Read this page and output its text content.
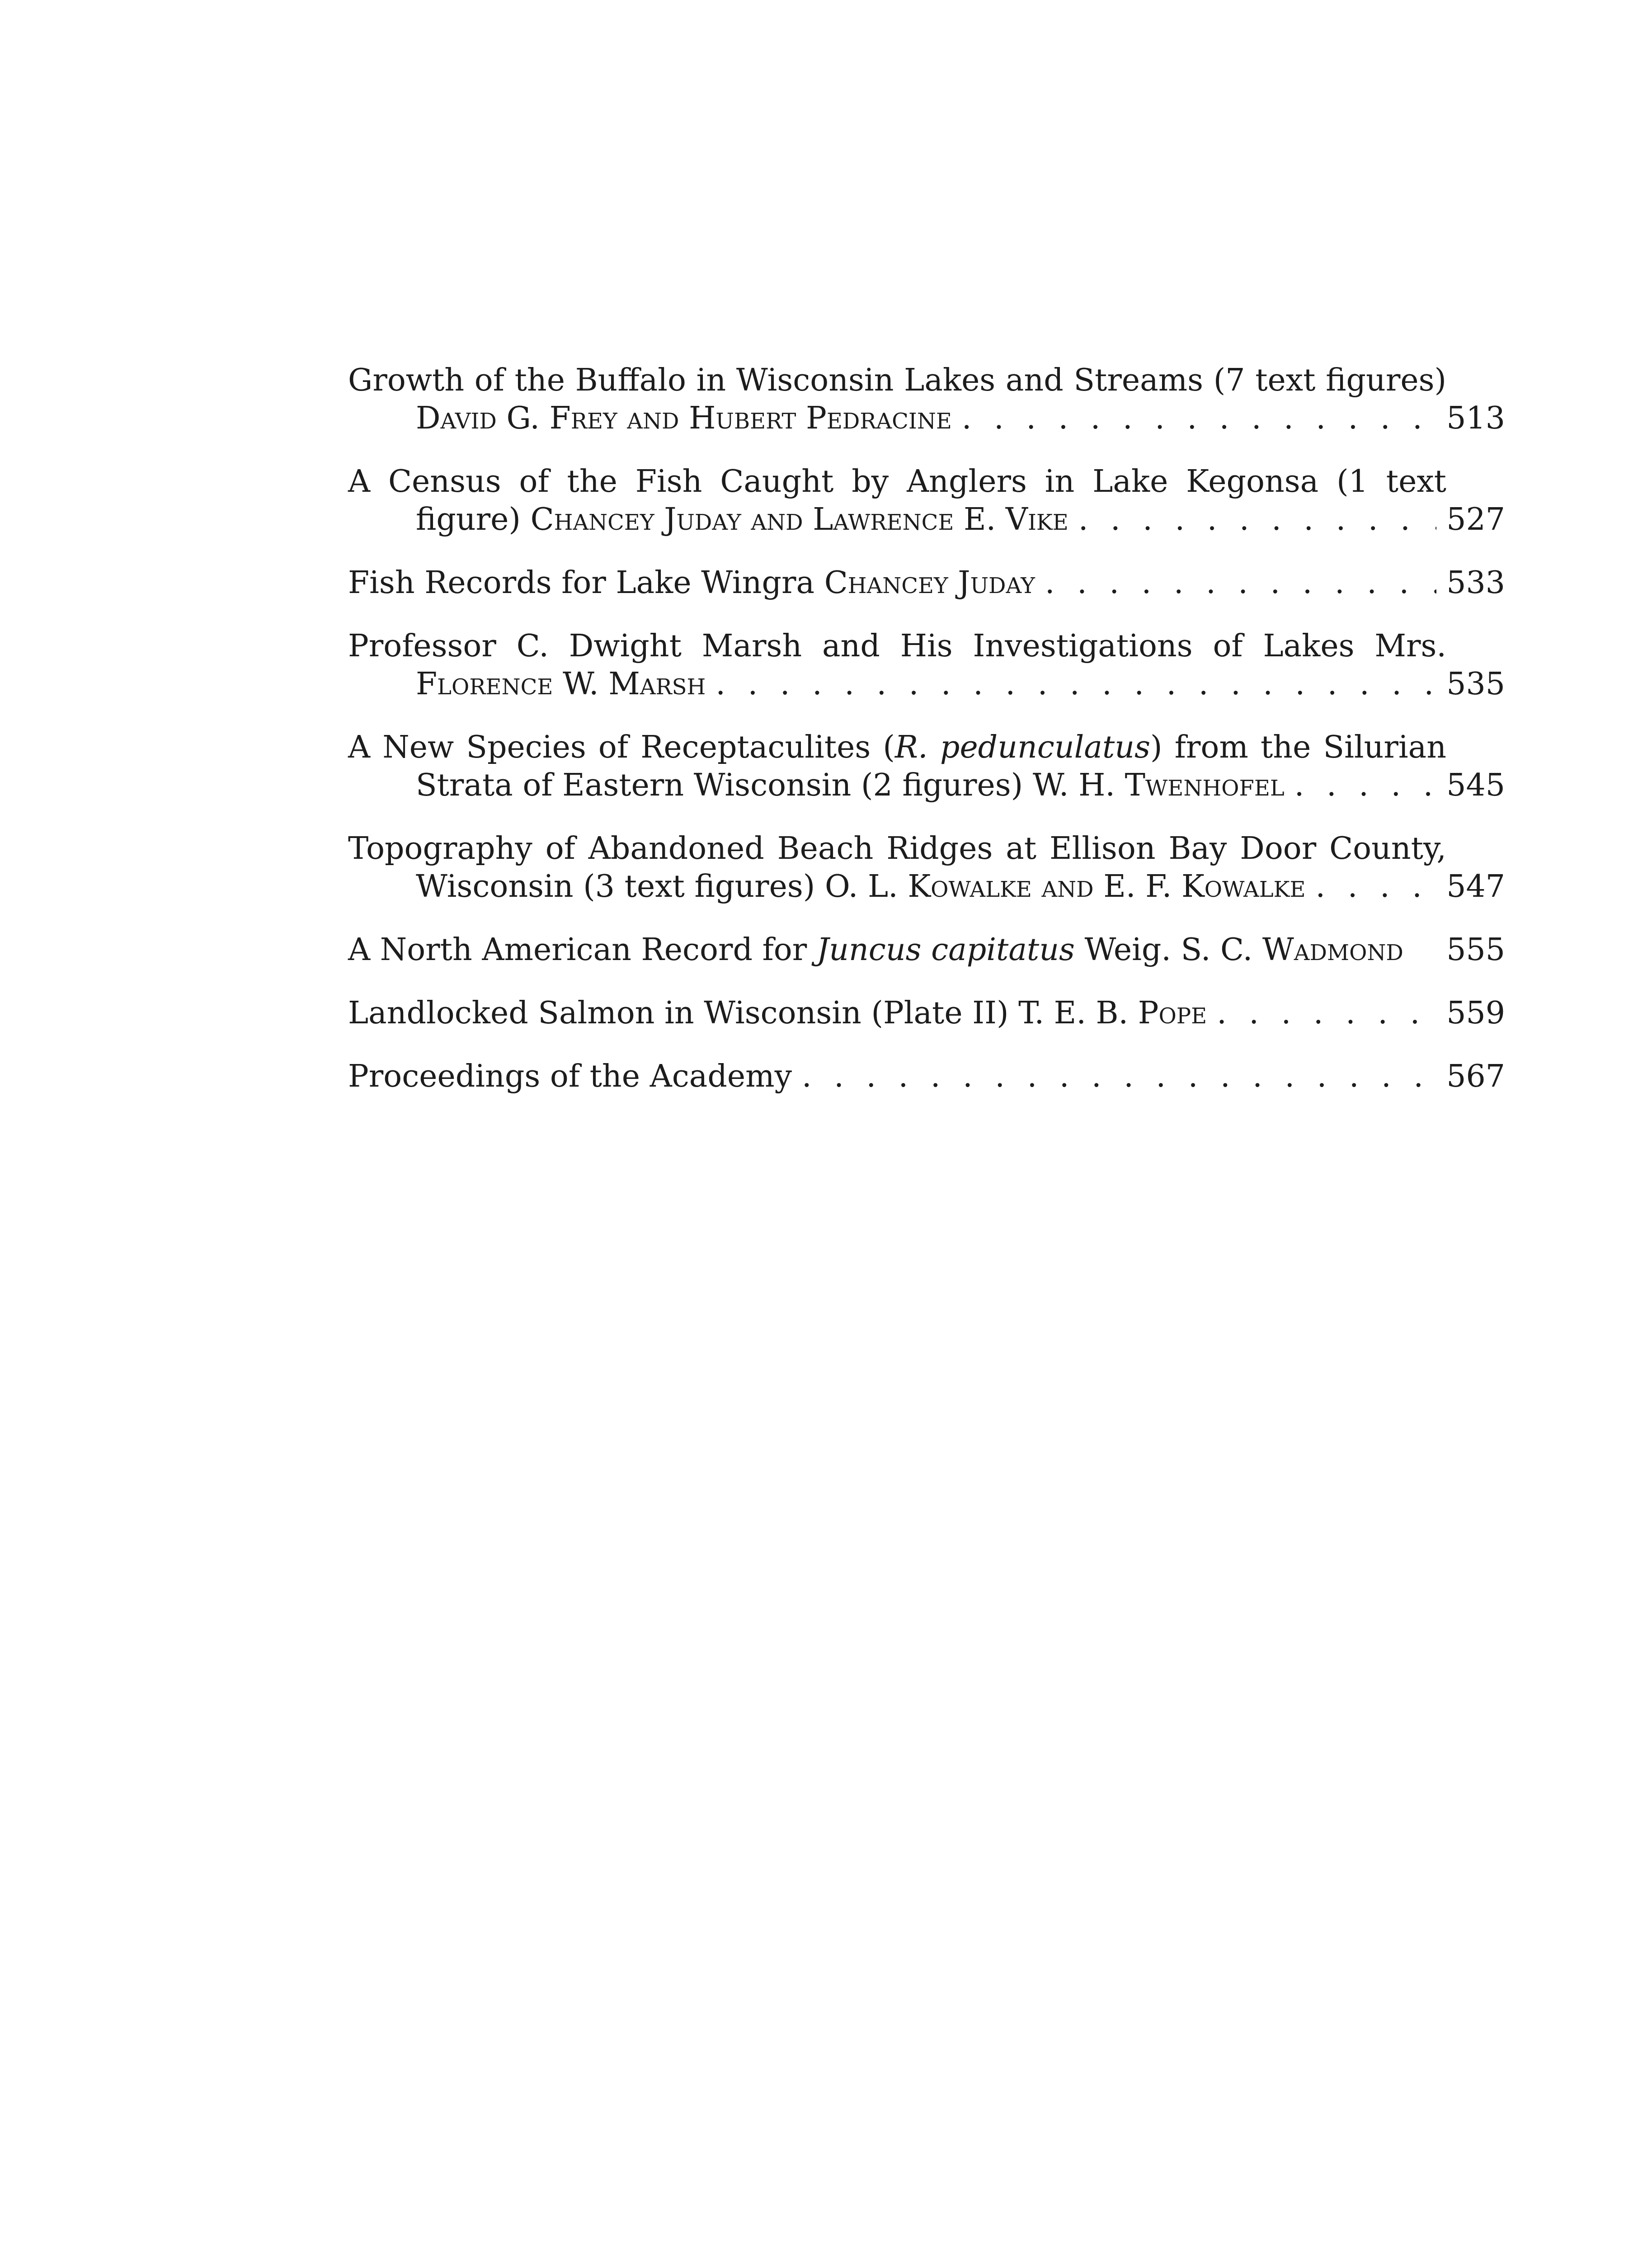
Growth of the Buffalo in Wisconsin Lakes and Streams (7 text figures)
David G. Frey and Hubert Pedracine . . .	513
A Census of the Fish Caught by Anglers in Lake Kegonsa (1 text
figure)
Chancey Juday and Lawrence E. Vike . . .	527
Fish Records for Lake Wingra
Chancey Juday . . .	533
Professor C. Dwight Marsh and His Investigations of Lakes Mrs.
Florence W. Marsh . . .	535
A New Species of Receptaculites (R. pedunculatus) from the Silurian
Strata of Eastern Wisconsin (2 figures)
W. H. Twenhofel . . .	545
Topography of Abandoned Beach Ridges at Ellison Bay Door County,
Wisconsin (3 text figures)
O. L. Kowalke and E. F. Kowalke . . .	547
A North American Record for
Juncus capitatus
Weig.
S. C. Wadmond 555
Landlocked Salmon in Wisconsin (Plate II)
T. E. B. Pope . . .	559
Proceedings of the Academy . . .	567
